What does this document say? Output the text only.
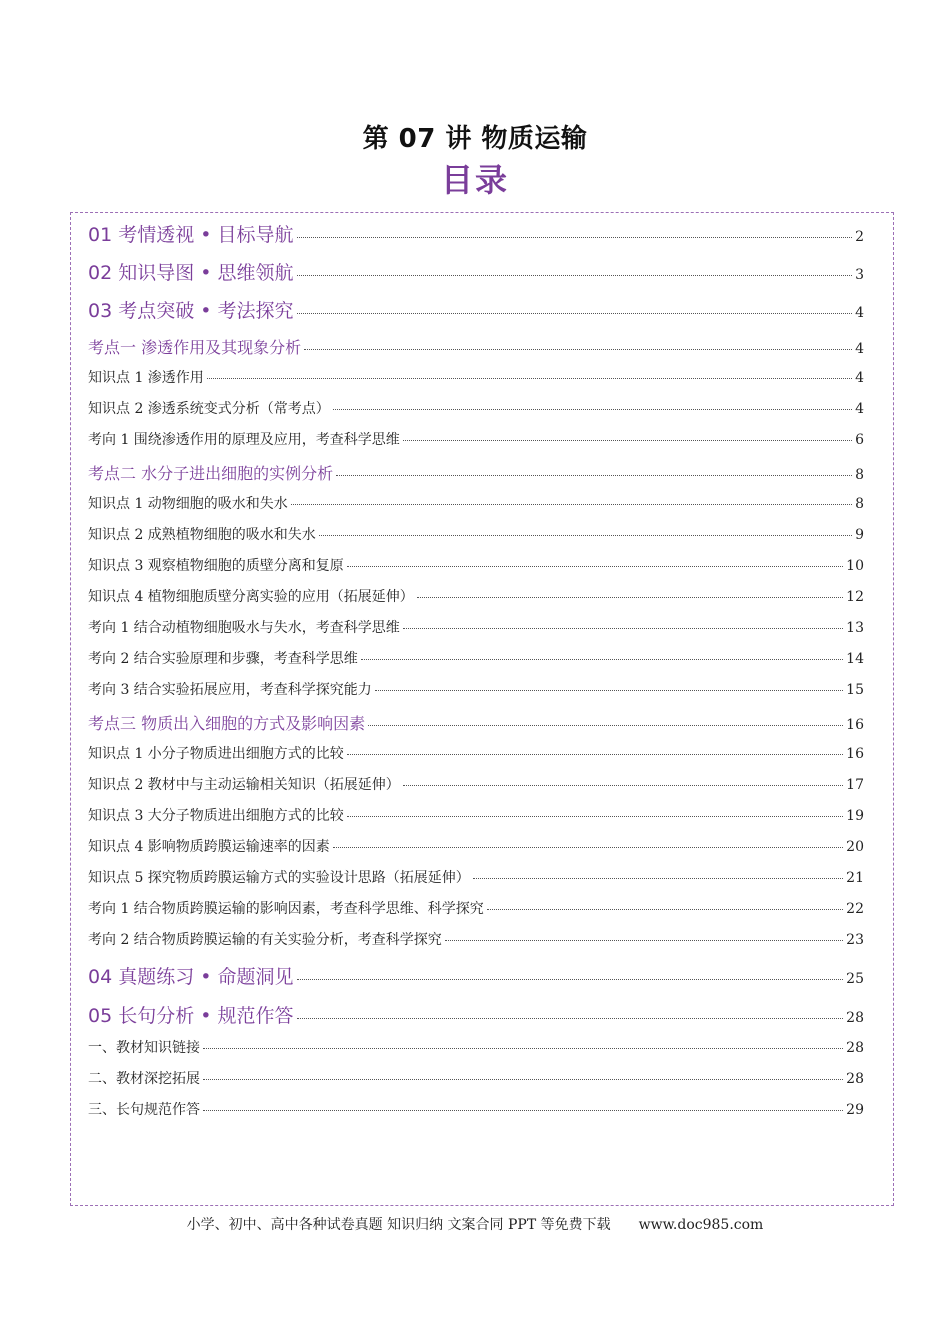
第 07 讲 物质运输
目录
01 考情透视 • 目标导航	2
02 知识导图 • 思维领航	3
03 考点突破 • 考法探究	4
考点一 渗透作用及其现象分析	4
知识点 1 渗透作用	4
知识点 2 渗透系统变式分析（常考点）	4
考向 1 围绕渗透作用的原理及应用，考查科学思维	6
考点二 水分子进出细胞的实例分析	8
知识点 1 动物细胞的吸水和失水	8
知识点 2 成熟植物细胞的吸水和失水	9
知识点 3 观察植物细胞的质壁分离和复原	10
知识点 4 植物细胞质壁分离实验的应用（拓展延伸）	12
考向 1 结合动植物细胞吸水与失水，考查科学思维	13
考向 2 结合实验原理和步骤，考查科学思维	14
考向 3 结合实验拓展应用，考查科学探究能力	15
考点三 物质出入细胞的方式及影响因素	16
知识点 1 小分子物质进出细胞方式的比较	16
知识点 2 教材中与主动运输相关知识（拓展延伸）	17
知识点 3 大分子物质进出细胞方式的比较	19
知识点 4 影响物质跨膜运输速率的因素	20
知识点 5 探究物质跨膜运输方式的实验设计思路（拓展延伸）	21
考向 1 结合物质跨膜运输的影响因素，考查科学思维、科学探究	22
考向 2 结合物质跨膜运输的有关实验分析，考查科学探究	23
04 真题练习 • 命题洞见	25
05 长句分析 • 规范作答	28
一、教材知识链接	28
二、教材深挖拓展	28
三、长句规范作答	29
小学、初中、高中各种试卷真题 知识归纳 文案合同 PPT 等免费下载 www.doc985.com
